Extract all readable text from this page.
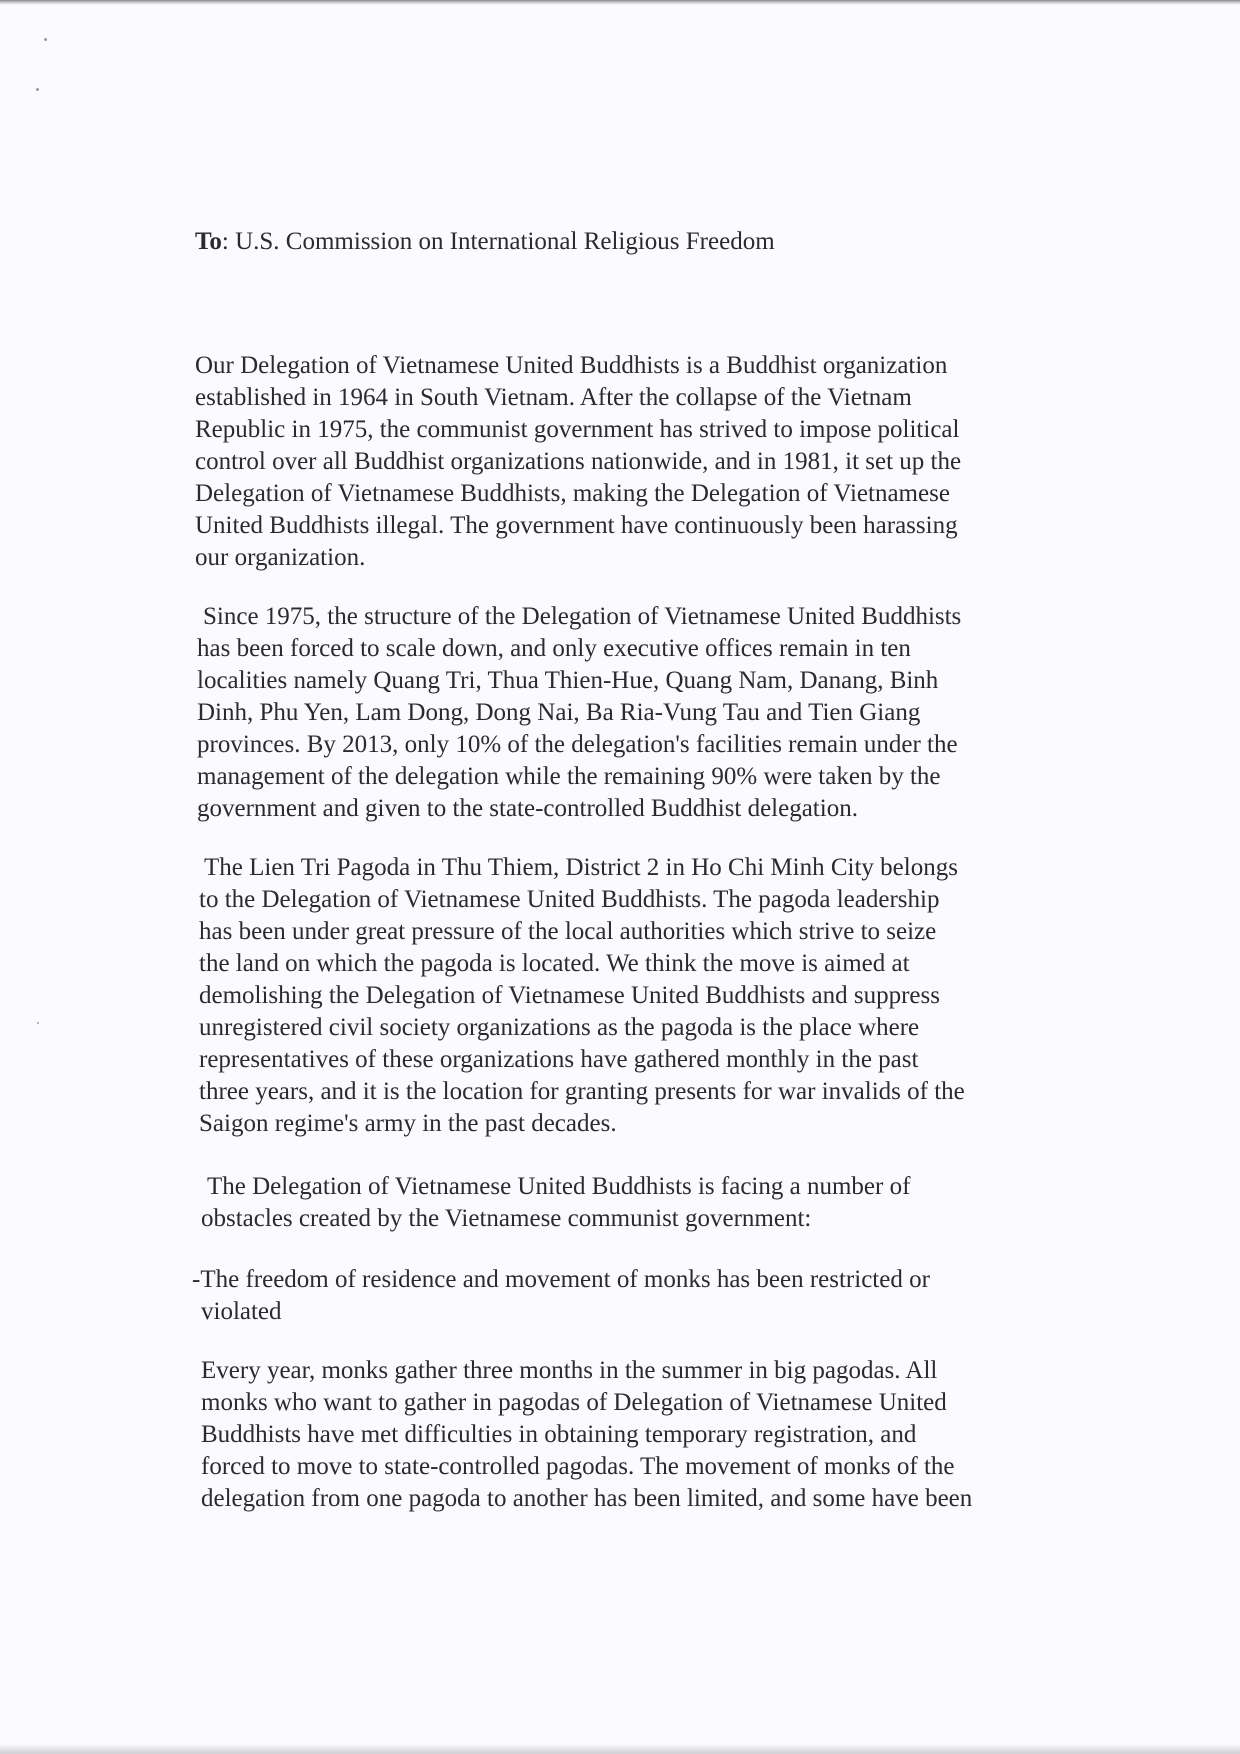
To: U.S. Commission on International Religious Freedom

Our Delegation of Vietnamese United Buddhists is a Buddhist organization
established in 1964 in South Vietnam. After the collapse of the Vietnam
Republic in 1975, the communist government has strived to impose political
control over all Buddhist organizations nationwide, and in 1981, it set up the
Delegation of Vietnamese Buddhists, making the Delegation of Vietnamese
United Buddhists illegal. The government have continuously been harassing
our organization.

Since 1975, the structure of the Delegation of Vietnamese United Buddhists
has been forced to scale down, and only executive offices remain in ten
localities namely Quang Tri, Thua Thien-Hue, Quang Nam, Danang, Binh
Dinh, Phu Yen, Lam Dong, Dong Nai, Ba Ria-Vung Tau and Tien Giang
provinces. By 2013, only 10% of the delegation's facilities remain under the
management of the delegation while the remaining 90% were taken by the
government and given to the state-controlled Buddhist delegation.

The Lien Tri Pagoda in Thu Thiem, District 2 in Ho Chi Minh City belongs
to the Delegation of Vietnamese United Buddhists. The pagoda leadership
has been under great pressure of the local authorities which strive to seize
the land on which the pagoda is located. We think the move is aimed at
demolishing the Delegation of Vietnamese United Buddhists and suppress
unregistered civil society organizations as the pagoda is the place where
representatives of these organizations have gathered monthly in the past
three years, and it is the location for granting presents for war invalids of the
Saigon regime's army in the past decades.

The Delegation of Vietnamese United Buddhists is facing a number of
obstacles created by the Vietnamese communist government:

-The freedom of residence and movement of monks has been restricted or
violated

Every year, monks gather three months in the summer in big pagodas. All
monks who want to gather in pagodas of Delegation of Vietnamese United
Buddhists have met difficulties in obtaining temporary registration, and
forced to move to state-controlled pagodas. The movement of monks of the
delegation from one pagoda to another has been limited, and some have been
